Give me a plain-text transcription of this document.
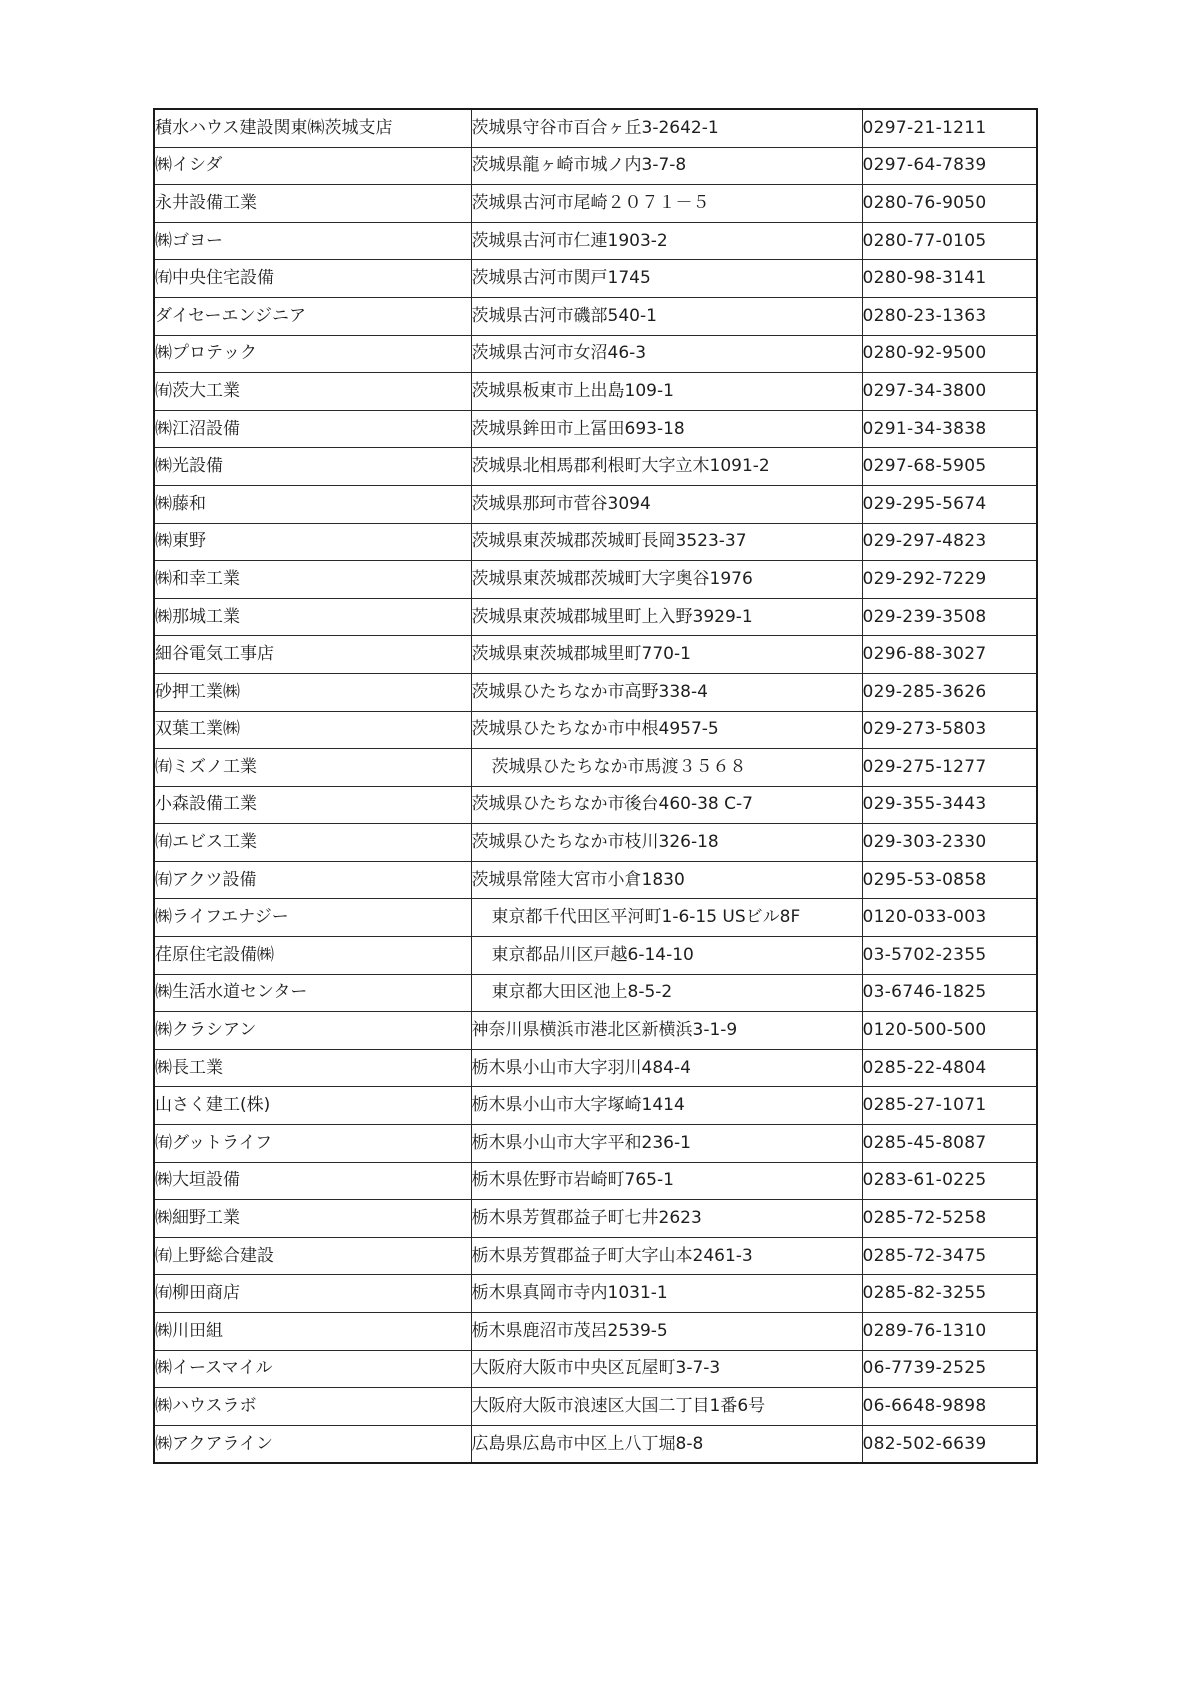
積水ハウス建設関東㈱茨城支店	茨城県守谷市百合ヶ丘3-2642-1	0297-21-1211
㈱イシダ	茨城県龍ヶ崎市城ノ内3-7-8	0297-64-7839
永井設備工業	茨城県古河市尾崎２０７１－５	0280-76-9050
㈱ゴヨー	茨城県古河市仁連1903-2	0280-77-0105
㈲中央住宅設備	茨城県古河市関戸1745	0280-98-3141
ダイセーエンジニア	茨城県古河市磯部540-1	0280-23-1363
㈱プロテック	茨城県古河市女沼46-3	0280-92-9500
㈲茨大工業	茨城県板東市上出島109-1	0297-34-3800
㈱江沼設備	茨城県鉾田市上冨田693-18	0291-34-3838
㈱光設備	茨城県北相馬郡利根町大字立木1091-2	0297-68-5905
㈱藤和	茨城県那珂市菅谷3094	029-295-5674
㈱東野	茨城県東茨城郡茨城町長岡3523-37	029-297-4823
㈱和幸工業	茨城県東茨城郡茨城町大字奥谷1976	029-292-7229
㈱那城工業	茨城県東茨城郡城里町上入野3929-1	029-239-3508
細谷電気工事店	茨城県東茨城郡城里町770-1	0296-88-3027
砂押工業㈱	茨城県ひたちなか市高野338-4	029-285-3626
双葉工業㈱	茨城県ひたちなか市中根4957-5	029-273-5803
㈲ミズノ工業	茨城県ひたちなか市馬渡３５６８	029-275-1277
小森設備工業	茨城県ひたちなか市後台460-38 C-7	029-355-3443
㈲エビス工業	茨城県ひたちなか市枝川326-18	029-303-2330
㈲アクツ設備	茨城県常陸大宮市小倉1830	0295-53-0858
㈱ライフエナジー	東京都千代田区平河町1-6-15 USビル8F	0120-033-003
荏原住宅設備㈱	東京都品川区戸越6-14-10	03-5702-2355
㈱生活水道センター	東京都大田区池上8-5-2	03-6746-1825
㈱クラシアン	神奈川県横浜市港北区新横浜3-1-9	0120-500-500
㈱長工業	栃木県小山市大字羽川484-4	0285-22-4804
山さく建工(株)	栃木県小山市大字塚崎1414	0285-27-1071
㈲グットライフ	栃木県小山市大字平和236-1	0285-45-8087
㈱大垣設備	栃木県佐野市岩崎町765-1	0283-61-0225
㈱細野工業	栃木県芳賀郡益子町七井2623	0285-72-5258
㈲上野総合建設	栃木県芳賀郡益子町大字山本2461-3	0285-72-3475
㈲柳田商店	栃木県真岡市寺内1031-1	0285-82-3255
㈱川田組	栃木県鹿沼市茂呂2539-5	0289-76-1310
㈱イースマイル	大阪府大阪市中央区瓦屋町3-7-3	06-7739-2525
㈱ハウスラボ	大阪府大阪市浪速区大国二丁目1番6号	06-6648-9898
㈱アクアライン	広島県広島市中区上八丁堀8-8	082-502-6639
